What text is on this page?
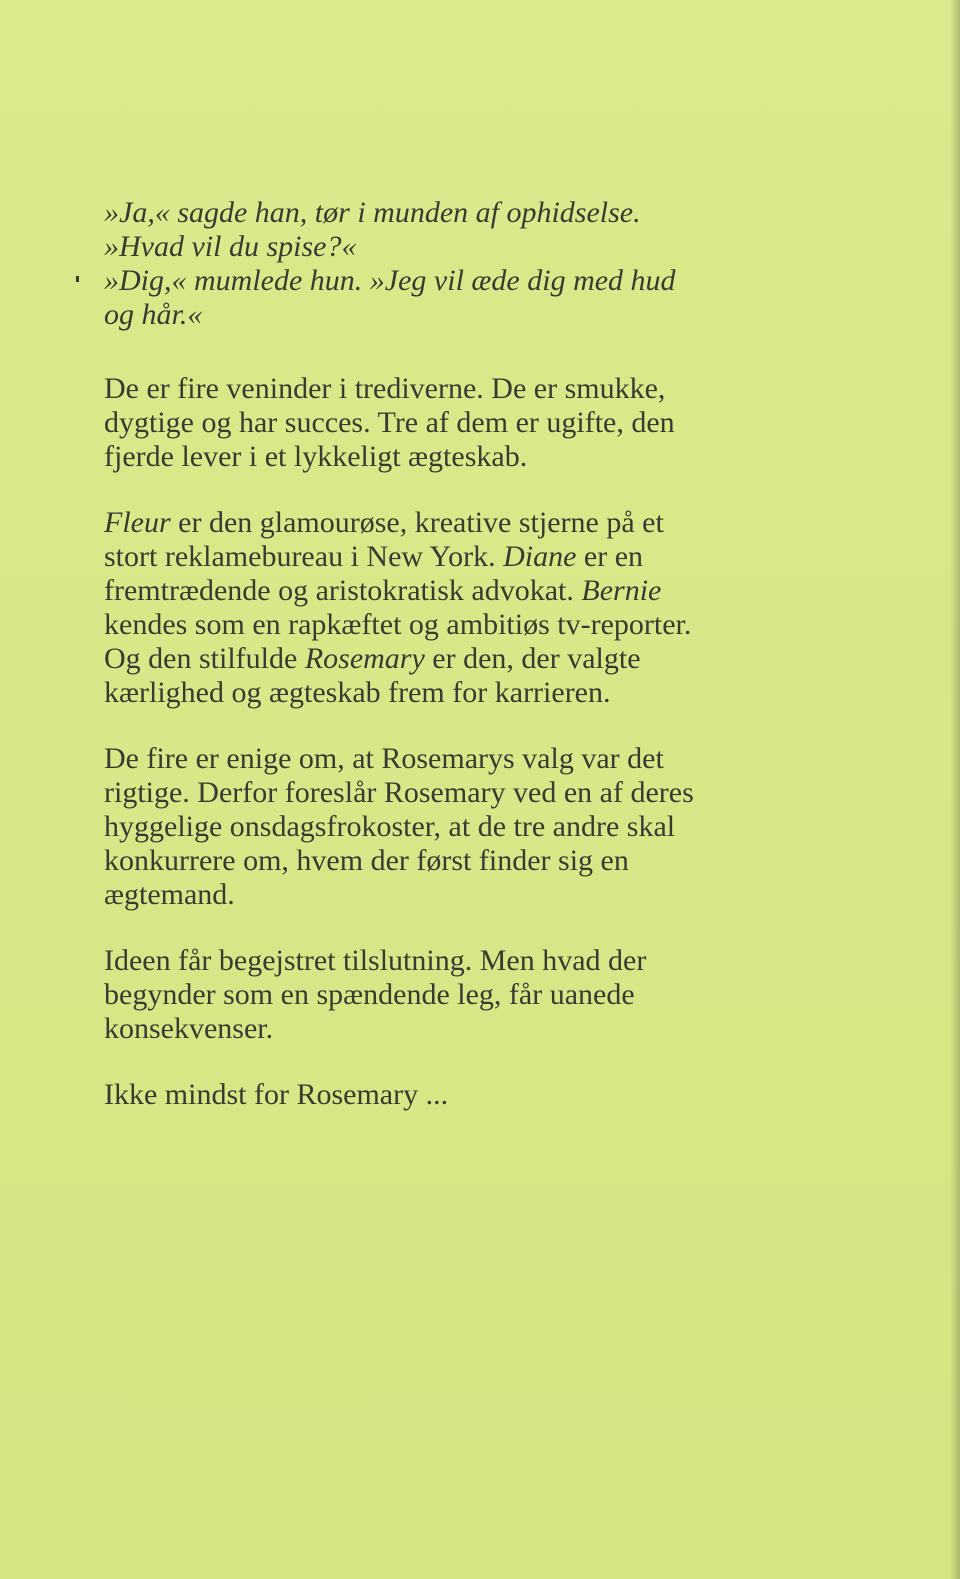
»Ja,« sagde han, tør i munden af ophidselse.
»Hvad vil du spise?«
»Dig,« mumlede hun. »Jeg vil æde dig med hud
og hår.«
De er fire veninder i trediverne. De er smukke,
dygtige og har succes. Tre af dem er ugifte, den
fjerde lever i et lykkeligt ægteskab.
Fleur er den glamourøse, kreative stjerne på et
stort reklamebureau i New York. Diane er en
fremtrædende og aristokratisk advokat. Bernie
kendes som en rapkæftet og ambitiøs tv-reporter.
Og den stilfulde Rosemary er den, der valgte
kærlighed og ægteskab frem for karrieren.
De fire er enige om, at Rosemarys valg var det
rigtige. Derfor foreslår Rosemary ved en af deres
hyggelige onsdagsfrokoster, at de tre andre skal
konkurrere om, hvem der først finder sig en
ægtemand.
Ideen får begejstret tilslutning. Men hvad der
begynder som en spændende leg, får uanede
konsekvenser.
Ikke mindst for Rosemary ...
